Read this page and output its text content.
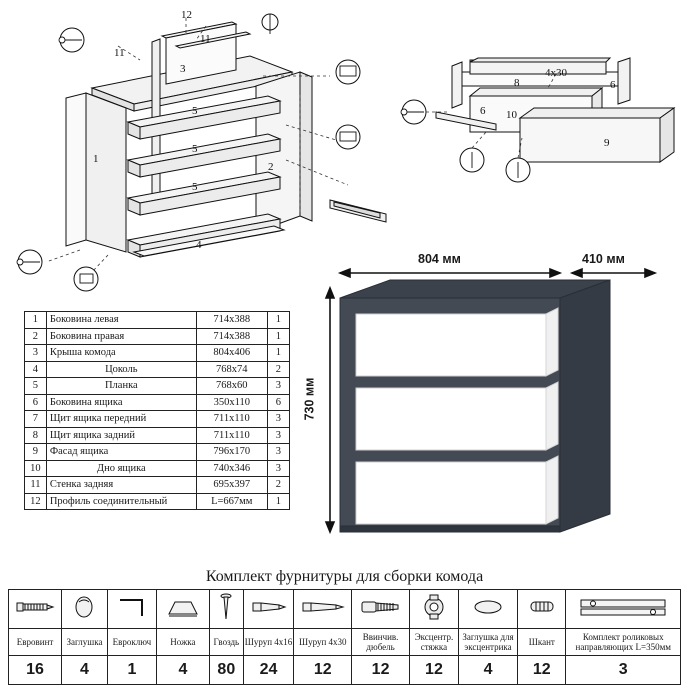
12
11
11
3
5
5
5
2
1
4
8
4х30
6
6
10
9
1	Боковина левая	714x388	1
2	Боковина правая	714x388	1
3	Крыша комода	804x406	1
4	Цоколь	768x74	2
5	Планка	768x60	3
6	Боковина ящика	350x110	6
7	Щит ящика передний	711x110	3
8	Щит ящика задний	711x110	3
9	Фасад ящика	796x170	3
10	Дно ящика	740x346	3
11	Стенка задняя	695x397	2
12	Профиль соединительный	L=667мм	1
804 мм	410 мм
730 мм
Комплект фурнитуры для сборки комода

Евровинт	Заглушка	Евроключ	Ножка	Гвоздь	Шуруп 4x16	Шуруп 4x30	Ввинчив. дюбель	Эксцентр. стяжка	Заглушка для эксцентрика	Шкант	Комплект роликовых направляющих L=350мм
16	4	1	4	80	24	12	12	12	4	12	3
